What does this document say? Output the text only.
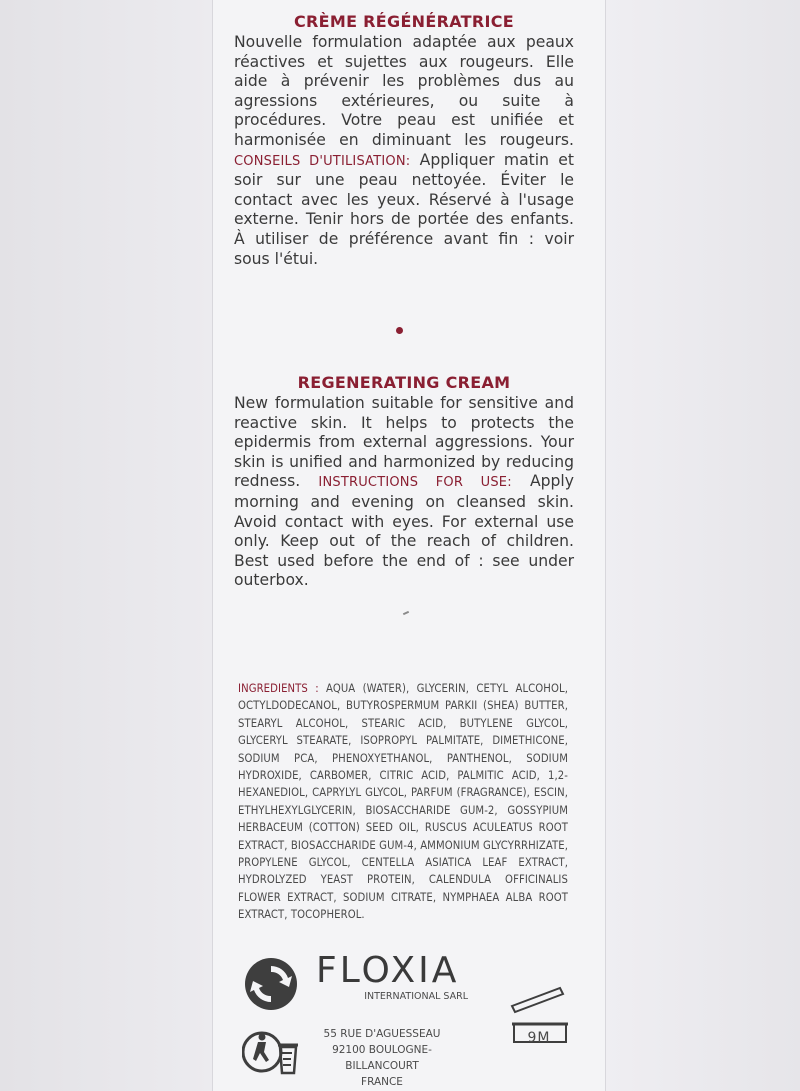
CRÈME RÉGÉNÉRATRICE

Nouvelle formulation adaptée aux peaux réactives et sujettes aux rougeurs. Elle aide à prévenir les problèmes dus au agressions extérieures, ou suite à procédures. Votre peau est unifiée et harmonisée en diminuant les rougeurs. CONSEILS D'UTILISATION: Appliquer matin et soir sur une peau nettoyée. Éviter le contact avec les yeux. Réservé à l'usage externe. Tenir hors de portée des enfants. À utiliser de préférence avant fin : voir sous l'étui.

REGENERATING CREAM

New formulation suitable for sensitive and reactive skin. It helps to protects the epidermis from external aggressions. Your skin is unified and harmonized by reducing redness. INSTRUCTIONS FOR USE: Apply morning and evening on cleansed skin. Avoid contact with eyes. For external use only. Keep out of the reach of children. Best used before the end of : see under outerbox.

INGREDIENTS : AQUA (WATER), GLYCERIN, CETYL ALCOHOL, OCTYLDODECANOL, BUTYROSPERMUM PARKII (SHEA) BUTTER, STEARYL ALCOHOL, STEARIC ACID, BUTYLENE GLYCOL, GLYCERYL STEARATE, ISOPROPYL PALMITATE, DIMETHICONE, SODIUM PCA, PHENOXYETHANOL, PANTHENOL, SODIUM HYDROXIDE, CARBOMER, CITRIC ACID, PALMITIC ACID, 1,2-HEXANEDIOL, CAPRYLYL GLYCOL, PARFUM (FRAGRANCE), ESCIN, ETHYLHEXYLGLYCERIN, BIOSACCHARIDE GUM-2, GOSSYPIUM HERBACEUM (COTTON) SEED OIL, RUSCUS ACULEATUS ROOT EXTRACT, BIOSACCHARIDE GUM-4, AMMONIUM GLYCYRRHIZATE, PROPYLENE GLYCOL, CENTELLA ASIATICA LEAF EXTRACT, HYDROLYZED YEAST PROTEIN, CALENDULA OFFICINALIS FLOWER EXTRACT, SODIUM CITRATE, NYMPHAEA ALBA ROOT EXTRACT, TOCOPHEROL.
FLOXIA
INTERNATIONAL SARL
55 RUE D'AGUESSEAU
92100 BOULOGNE-BILLANCOURT
FRANCE
9M
